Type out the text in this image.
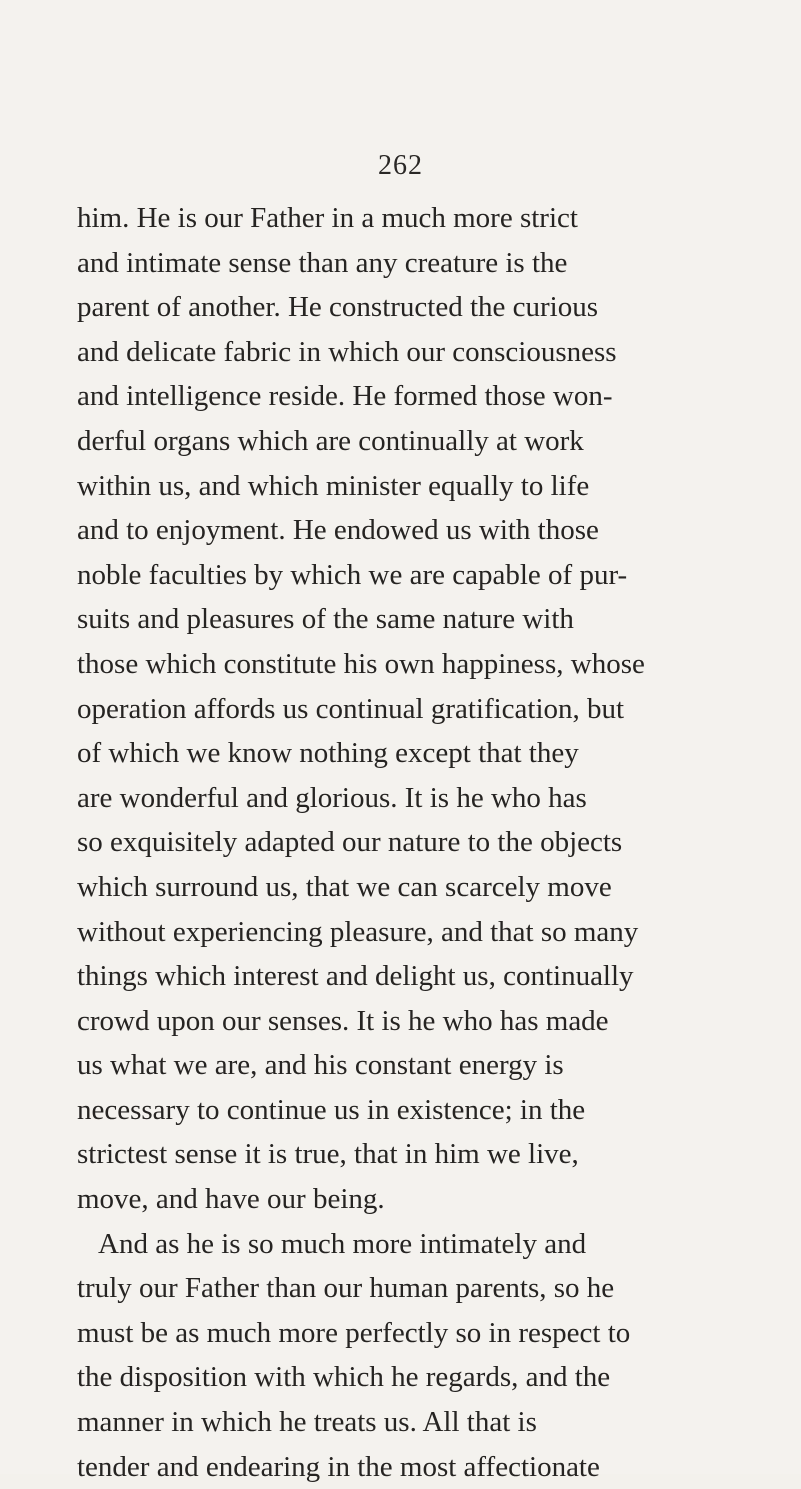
262
him. He is our Father in a much more strict
and intimate sense than any creature is the
parent of another. He constructed the curious
and delicate fabric in which our consciousness
and intelligence reside. He formed those won-
derful organs which are continually at work
within us, and which minister equally to life
and to enjoyment. He endowed us with those
noble faculties by which we are capable of pur-
suits and pleasures of the same nature with
those which constitute his own happiness, whose
operation affords us continual gratification, but
of which we know nothing except that they
are wonderful and glorious. It is he who has
so exquisitely adapted our nature to the objects
which surround us, that we can scarcely move
without experiencing pleasure, and that so many
things which interest and delight us, continually
crowd upon our senses. It is he who has made
us what we are, and his constant energy is
necessary to continue us in existence; in the
strictest sense it is true, that in him we live,
move, and have our being.
And as he is so much more intimately and
truly our Father than our human parents, so he
must be as much more perfectly so in respect to
the disposition with which he regards, and the
manner in which he treats us. All that is
tender and endearing in the most affectionate
